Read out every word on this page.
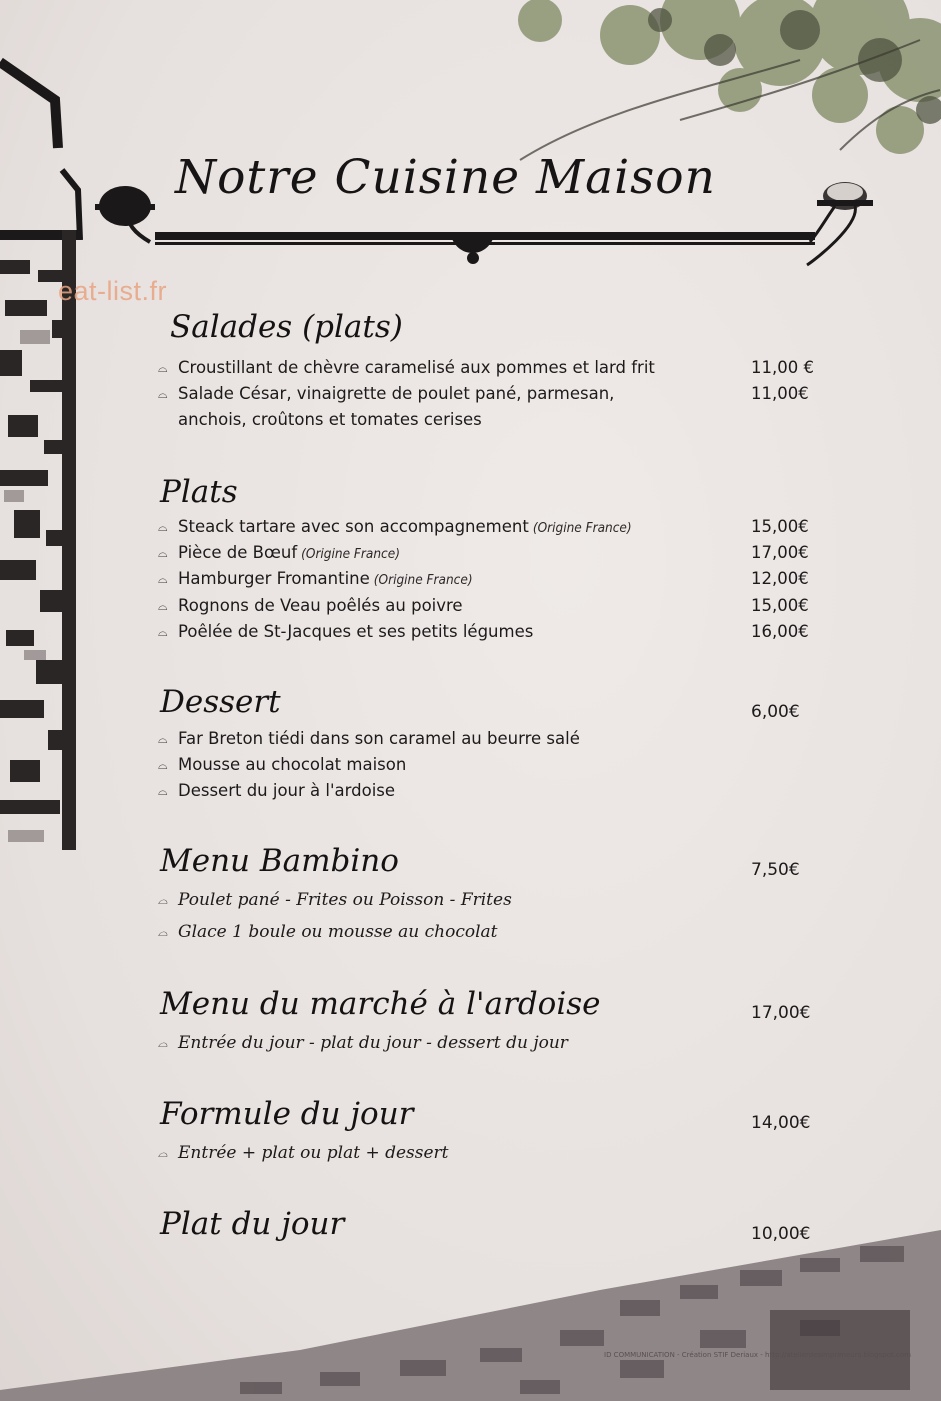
eat-list.fr
Notre Cuisine Maison
Salades (plats)
⌓ Croustillant de chèvre caramelisé aux pommes et lard frit	11,00 €
⌓ Salade César, vinaigrette de poulet pané, parmesan,	11,00€
anchois, croûtons et tomates cerises
Plats
⌓ Steack tartare avec son accompagnement (Origine France)	15,00€
⌓ Pièce de Bœuf (Origine France)	17,00€
⌓ Hamburger Fromantine (Origine France)	12,00€
⌓ Rognons de Veau poêlés au poivre	15,00€
⌓ Poêlée de St-Jacques et ses petits légumes	16,00€
Dessert	6,00€
⌓ Far Breton tiédi dans son caramel au beurre salé
⌓ Mousse au chocolat maison
⌓ Dessert du jour à l'ardoise
Menu Bambino	7,50€
⌓ Poulet pané - Frites ou Poisson - Frites
⌓ Glace 1 boule ou mousse au chocolat
Menu du marché à l'ardoise	17,00€
⌓ Entrée du jour - plat du jour - dessert du jour
Formule du jour	14,00€
⌓ Entrée + plat ou plat + dessert
Plat du jour	10,00€
ID COMMUNICATION - Création STIF Deriaux - http://atelierdesimprimeurs.blogspot.com
